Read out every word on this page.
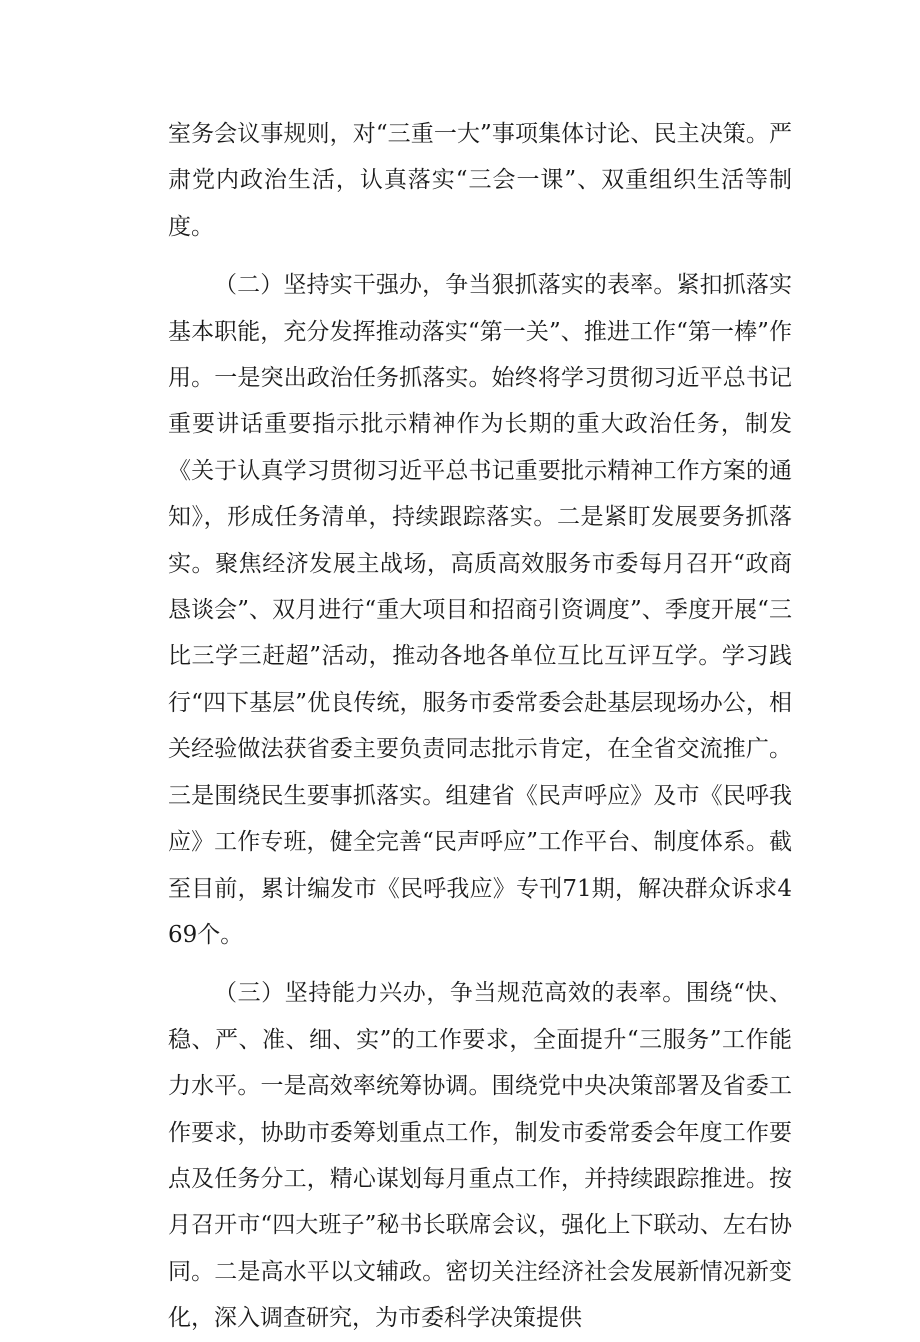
室务会议事规则，对“三重一大”事项集体讨论、民主决策。严肃党内政治生活，认真落实“三会一课”、双重组织生活等制度。

（二）坚持实干强办，争当狠抓落实的表率。紧扣抓落实基本职能，充分发挥推动落实“第一关”、推进工作“第一棒”作用。一是突出政治任务抓落实。始终将学习贯彻习近平总书记重要讲话重要指示批示精神作为长期的重大政治任务，制发《关于认真学习贯彻习近平总书记重要批示精神工作方案的通知》，形成任务清单，持续跟踪落实。二是紧盯发展要务抓落实。聚焦经济发展主战场，高质高效服务市委每月召开“政商恳谈会”、双月进行“重大项目和招商引资调度”、季度开展“三比三学三赶超”活动，推动各地各单位互比互评互学。学习践行“四下基层”优良传统，服务市委常委会赴基层现场办公，相关经验做法获省委主要负责同志批示肯定，在全省交流推广。三是围绕民生要事抓落实。组建省《民声呼应》及市《民呼我应》工作专班，健全完善“民声呼应”工作平台、制度体系。截至目前，累计编发市《民呼我应》专刊71期，解决群众诉求469个。

（三）坚持能力兴办，争当规范高效的表率。围绕“快、稳、严、准、细、实”的工作要求，全面提升“三服务”工作能力水平。一是高效率统筹协调。围绕党中央决策部署及省委工作要求，协助市委筹划重点工作，制发市委常委会年度工作要点及任务分工，精心谋划每月重点工作，并持续跟踪推进。按月召开市“四大班子”秘书长联席会议，强化上下联动、左右协同。二是高水平以文辅政。密切关注经济社会发展新情况新变化，深入调查研究，为市委科学决策提供
